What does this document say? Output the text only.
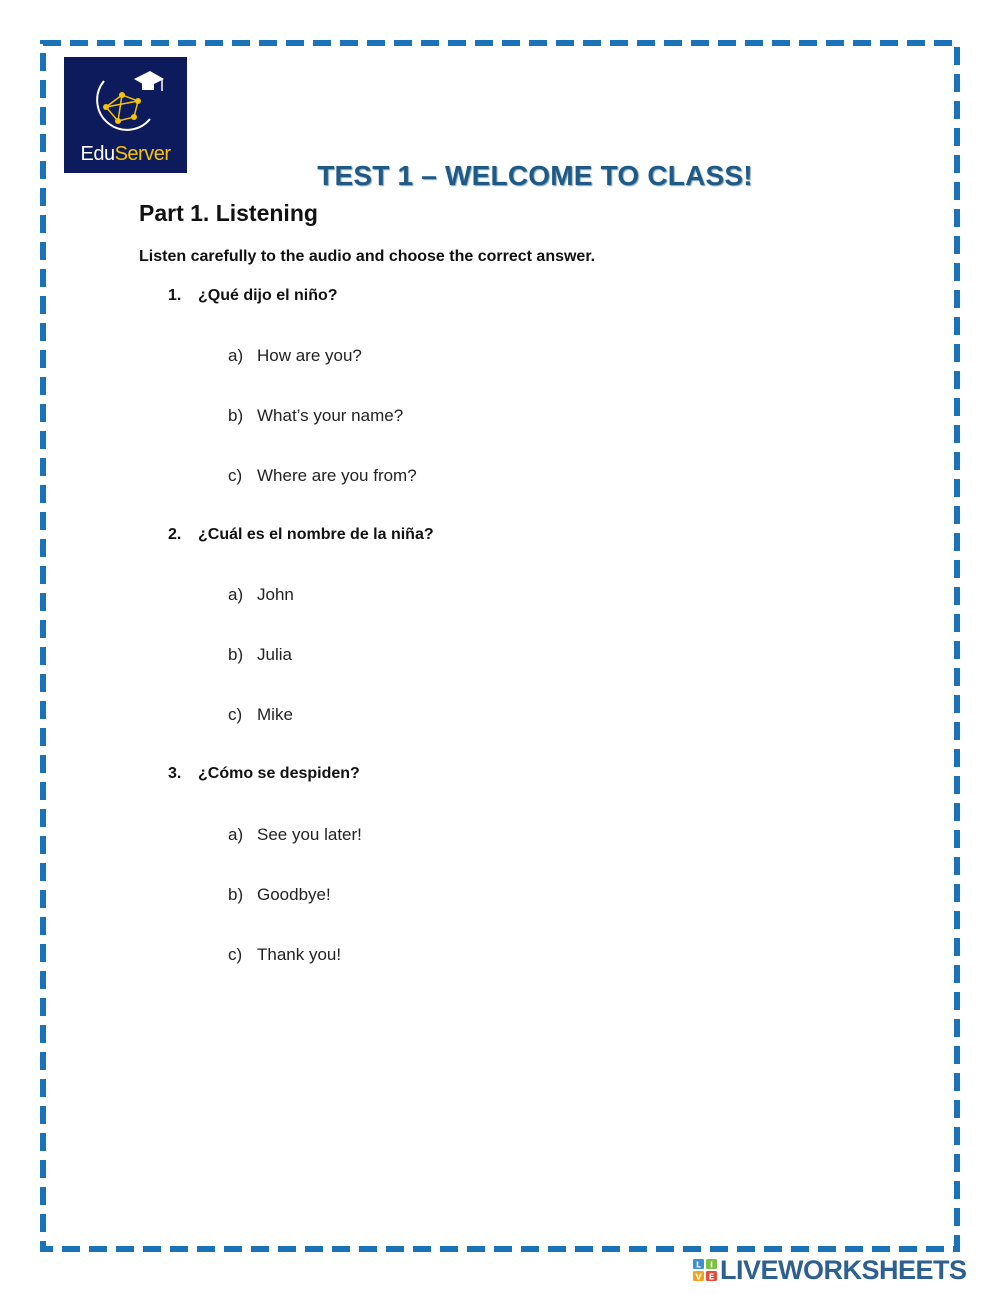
EduServer
TEST 1 – WELCOME TO CLASS!
Part 1. Listening
Listen carefully to the audio and choose the correct answer.
1. ¿Qué dijo el niño?
a) How are you?
b) What’s your name?
c) Where are you from?
2. ¿Cuál es el nombre de la niña?
a) John
b) Julia
c) Mike
3. ¿Cómo se despiden?
a) See you later!
b) Goodbye!
c) Thank you!
L I
V E LIVEWORKSHEETS
